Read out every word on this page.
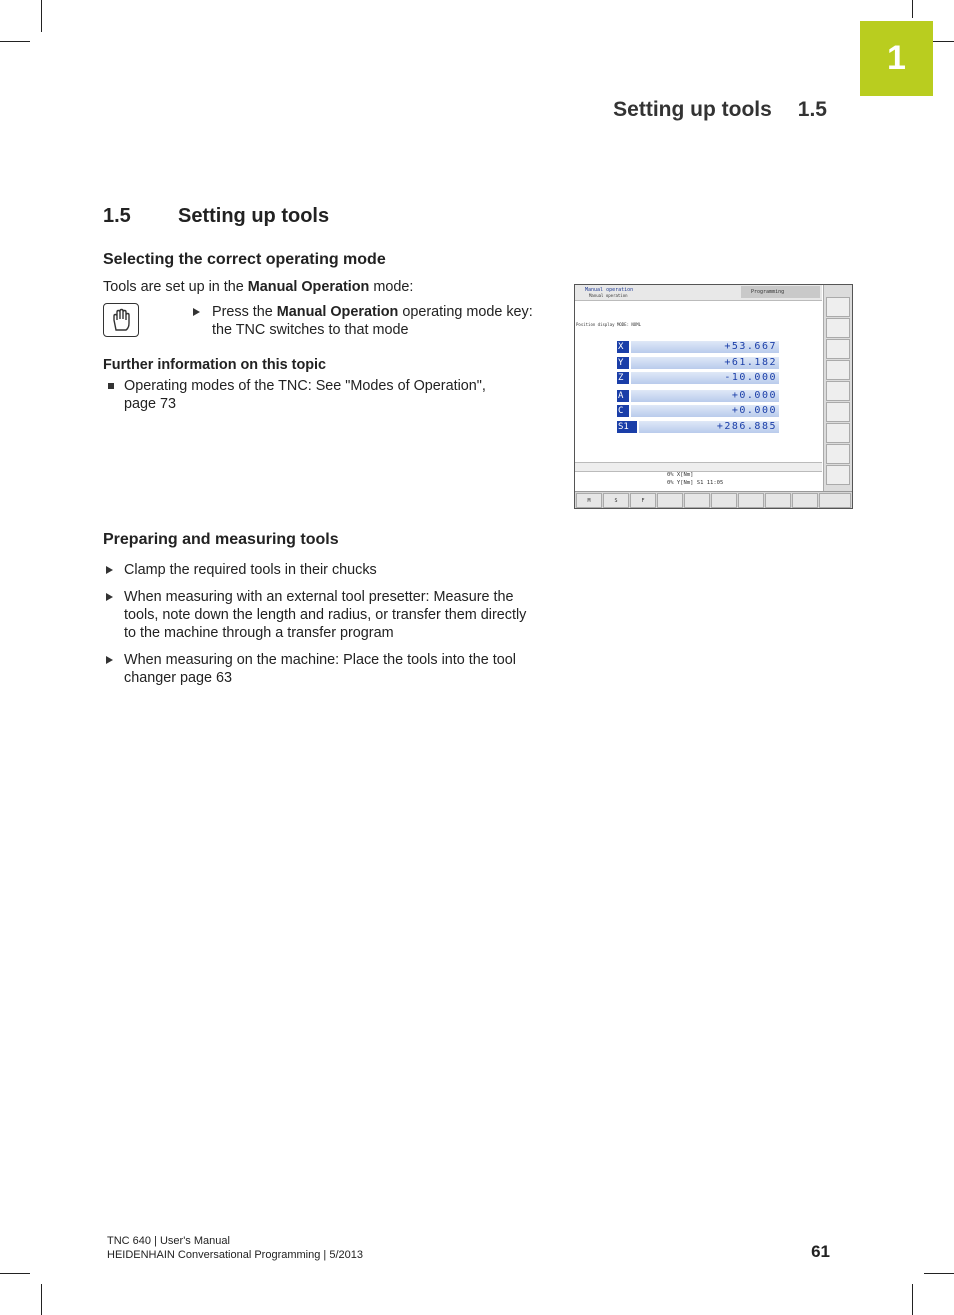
1
Setting up tools 1.5
1.5 Setting up tools
Selecting the correct operating mode
Tools are set up in the Manual Operation mode:
Press the Manual Operation operating mode key:
the TNC switches to that mode
Further information on this topic
Operating modes of the TNC: See "Modes of Operation",
page 73
Manual operation
Manual operation
Programming
Position display MODE: NOML
X	+53.667
Y	+61.182
Z	-10.000
A	+0.000
C	+0.000
S1	+286.885
0% X[Nm]
0% Y[Nm] S1 11:05
M	S	F
Preparing and measuring tools
Clamp the required tools in their chucks
When measuring with an external tool presetter: Measure the
tools, note down the length and radius, or transfer them directly
to the machine through a transfer program
When measuring on the machine: Place the tools into the tool
changer page 63
TNC 640 | User's Manual
HEIDENHAIN Conversational Programming | 5/2013	61
